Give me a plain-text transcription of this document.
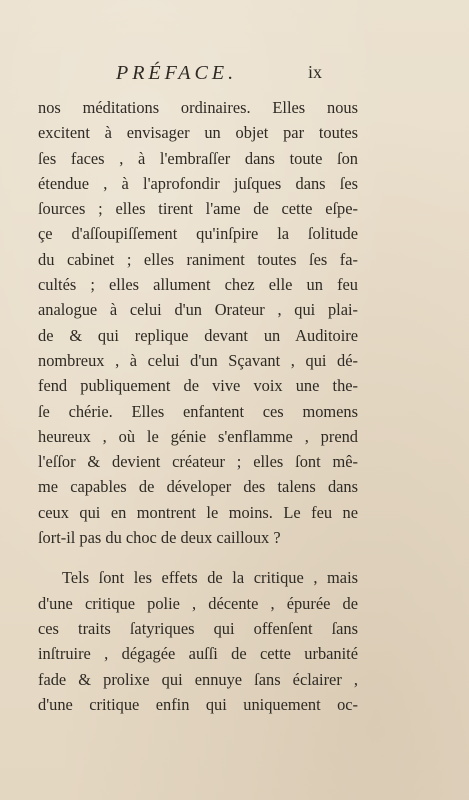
PRÉFACE.	ix
nos méditations ordinaires. Elles nous
excitent à envisager un objet par toutes
ſes faces , à l'embraſſer dans toute ſon
étendue , à l'aprofondir juſques dans ſes
ſources ; elles tirent l'ame de cette eſpe-
çe d'aſſoupiſſement qu'inſpire la ſolitude
du cabinet ; elles raniment toutes ſes fa-
cultés ; elles allument chez elle un feu
analogue à celui d'un Orateur , qui plai-
de & qui replique devant un Auditoire
nombreux , à celui d'un Sçavant , qui dé-
fend publiquement de vive voix une the-
ſe chérie. Elles enfantent ces momens
heureux , où le génie s'enflamme , prend
l'eſſor & devient créateur ; elles ſont mê-
me capables de déveloper des talens dans
ceux qui en montrent le moins. Le feu ne
ſort-il pas du choc de deux cailloux ?
Tels ſont les effets de la critique , mais
d'une critique polie , décente , épurée de
ces traits ſatyriques qui offenſent ſans
inſtruire , dégagée auſſi de cette urbanité
fade & prolixe qui ennuye ſans éclairer ,
d'une critique enfin qui uniquement oc-
